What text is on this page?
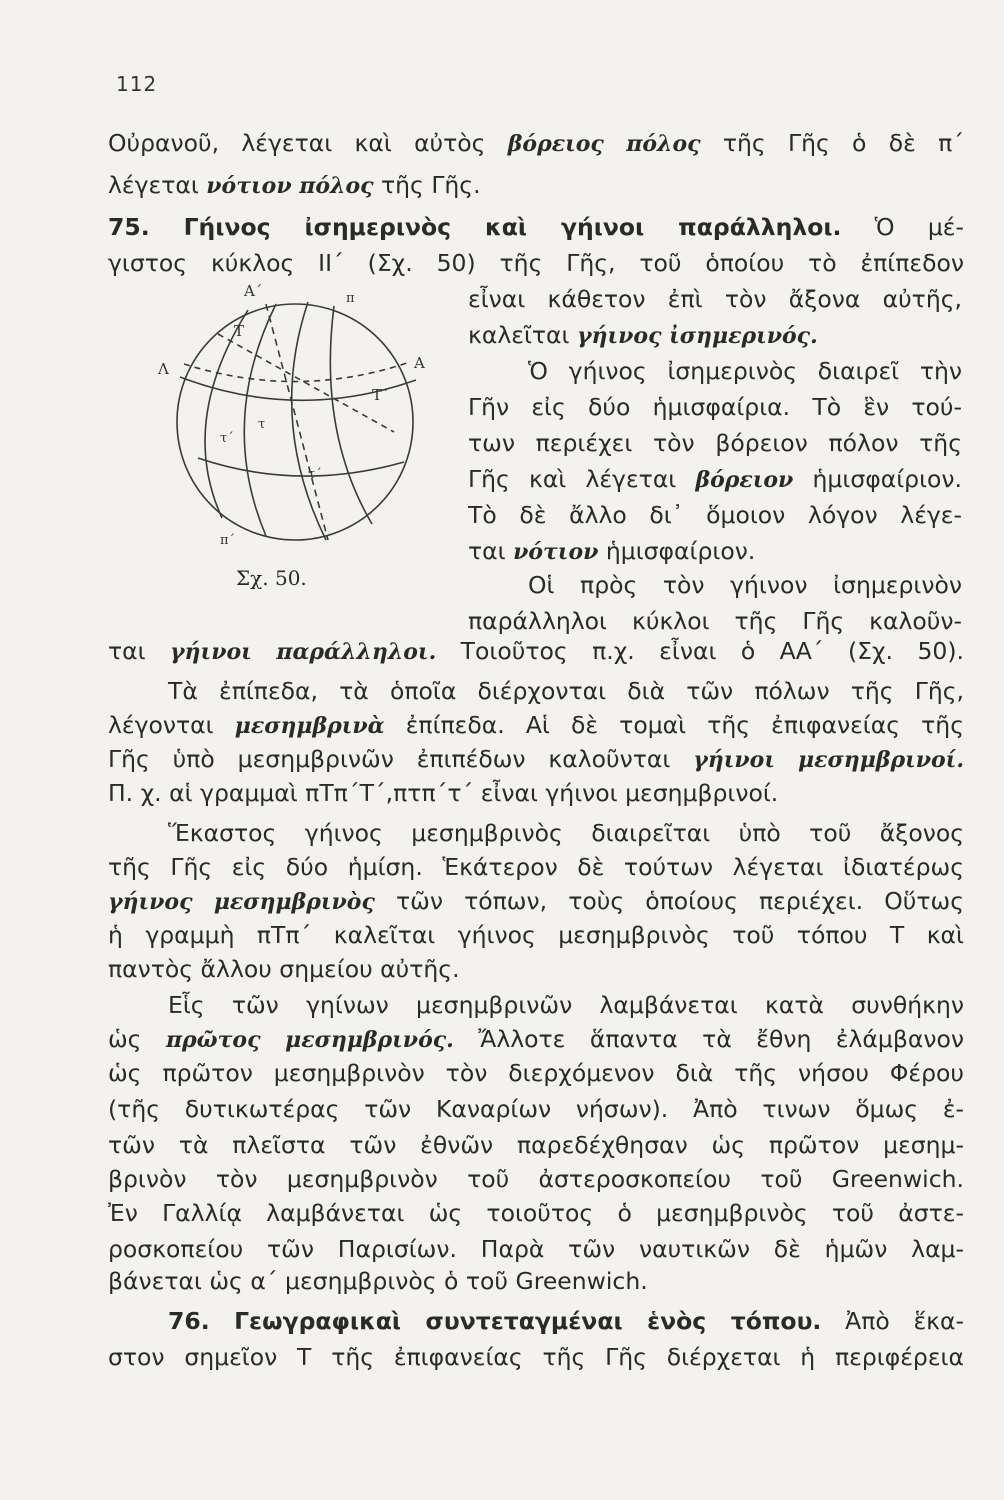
112
Α΄	π
Τ
Λ	Α
Τ΄
τ΄
τ
τ΄
π΄
Σχ. 50.
Οὐρανοῦ, λέγεται καὶ αὐτὸς βόρειος πόλος τῆς Γῆς ὁ δὲ π΄
λέγεται νότιον πόλος τῆς Γῆς.
75. Γήινος ἰσημερινὸς καὶ γήινοι παράλληλοι. Ὁ μέ-
γιστος κύκλος ΙΙ΄ (Σχ. 50) τῆς Γῆς, τοῦ ὁποίου τὸ ἐπίπεδον
εἶναι κάθετον ἐπὶ τὸν ἄξονα αὐτῆς,
καλεῖται γήινος ἰσημερινός.
Ὁ γήινος ἰσημερινὸς διαιρεῖ τὴν
Γῆν εἰς δύο ἡμισφαίρια. Τὸ ἓν τού-
των περιέχει τὸν βόρειον πόλον τῆς
Γῆς καὶ λέγεται βόρειον ἡμισφαίριον.
Τὸ δὲ ἄλλο δι᾽ ὅμοιον λόγον λέγε-
ται νότιον ἡμισφαίριον.
Οἱ πρὸς τὸν γήινον ἰσημερινὸν
παράλληλοι κύκλοι τῆς Γῆς καλοῦν-
ται γήινοι παράλληλοι. Τοιοῦτος π.χ. εἶναι ὁ ΑΑ΄ (Σχ. 50).
Τὰ ἐπίπεδα, τὰ ὁποῖα διέρχονται διὰ τῶν πόλων τῆς Γῆς,
λέγονται μεσημβρινὰ ἐπίπεδα. Αἱ δὲ τομαὶ τῆς ἐπιφανείας τῆς
Γῆς ὑπὸ μεσημβρινῶν ἐπιπέδων καλοῦνται γήινοι μεσημβρινοί.
Π. χ. αἱ γραμμαὶ πΤπ΄Τ΄,πτπ΄τ΄ εἶναι γήινοι μεσημβρινοί.
Ἕκαστος γήινος μεσημβρινὸς διαιρεῖται ὑπὸ τοῦ ἄξονος
τῆς Γῆς εἰς δύο ἡμίση. Ἑκάτερον δὲ τούτων λέγεται ἰδιατέρως
γήινος μεσημβρινὸς τῶν τόπων, τοὺς ὁποίους περιέχει. Οὕτως
ἡ γραμμὴ πΤπ΄ καλεῖται γήινος μεσημβρινὸς τοῦ τόπου Τ καὶ
παντὸς ἄλλου σημείου αὐτῆς.
Εἷς τῶν γηίνων μεσημβρινῶν λαμβάνεται κατὰ συνθήκην
ὡς πρῶτος μεσημβρινός. Ἄλλοτε ἅπαντα τὰ ἔθνη ἐλάμβανον
ὡς πρῶτον μεσημβρινὸν τὸν διερχόμενον διὰ τῆς νήσου Φέρου
(τῆς δυτικωτέρας τῶν Καναρίων νήσων). Ἀπὸ τινων ὅμως ἐ-
τῶν τὰ πλεῖστα τῶν ἐθνῶν παρεδέχθησαν ὡς πρῶτον μεσημ-
βρινὸν τὸν μεσημβρινὸν τοῦ ἀστεροσκοπείου τοῦ Greenwich.
Ἐν Γαλλίᾳ λαμβάνεται ὡς τοιοῦτος ὁ μεσημβρινὸς τοῦ ἀστε-
ροσκοπείου τῶν Παρισίων. Παρὰ τῶν ναυτικῶν δὲ ἡμῶν λαμ-
βάνεται ὡς α΄ μεσημβρινὸς ὁ τοῦ Greenwich.
76. Γεωγραφικαὶ συντεταγμέναι ἑνὸς τόπου. Ἀπὸ ἕκα-
στον σημεῖον Τ τῆς ἐπιφανείας τῆς Γῆς διέρχεται ἡ περιφέρεια
